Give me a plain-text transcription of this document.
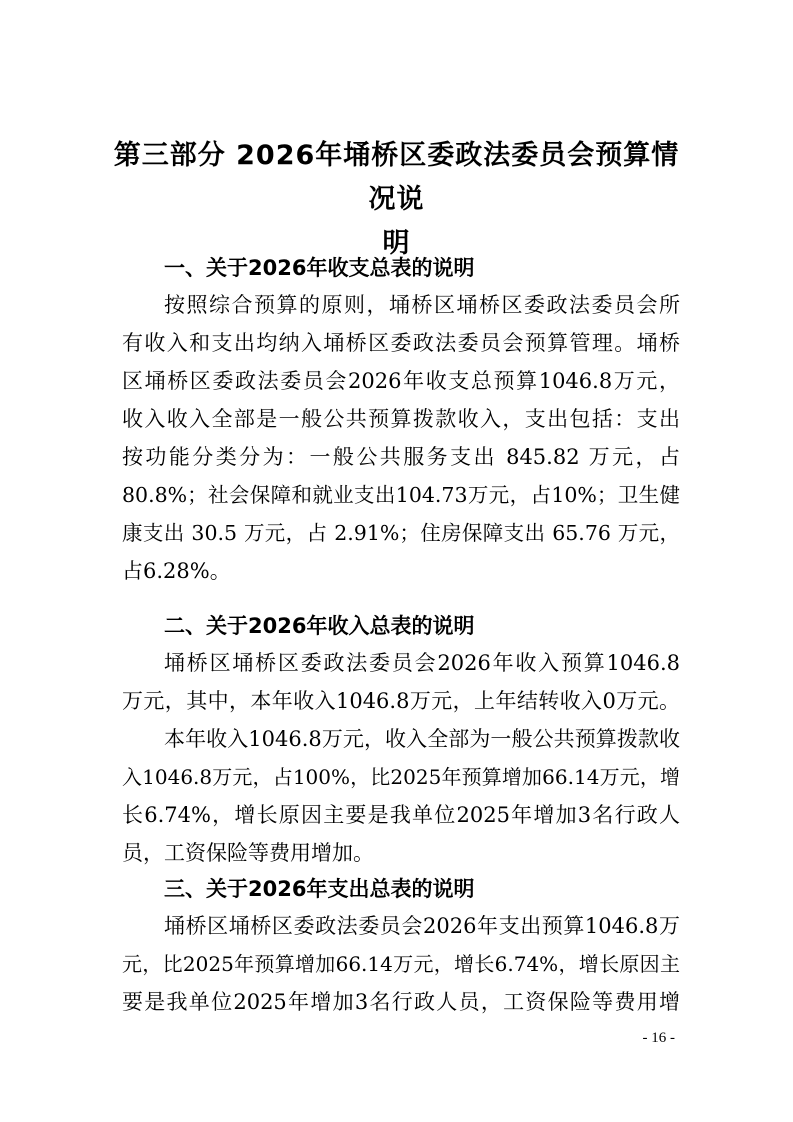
第三部分 2026年埇桥区委政法委员会预算情况说
明
一、关于2026年收支总表的说明
按照综合预算的原则，埇桥区埇桥区委政法委员会所
有收入和支出均纳入埇桥区委政法委员会预算管理。埇桥
区埇桥区委政法委员会2026年收支总预算1046.8万元，
收入收入全部是一般公共预算拨款收入，支出包括：支出
按功能分类分为：一般公共服务支出 845.82 万元，占
80.8%；社会保障和就业支出104.73万元，占10%；卫生健
康支出 30.5 万元，占 2.91%；住房保障支出 65.76 万元，
占6.28%。
二、关于2026年收入总表的说明
埇桥区埇桥区委政法委员会2026年收入预算1046.8
万元，其中，本年收入1046.8万元，上年结转收入0万元。
本年收入1046.8万元，收入全部为一般公共预算拨款收
入1046.8万元，占100%，比2025年预算增加66.14万元，增
长6.74%，增长原因主要是我单位2025年增加3名行政人
员，工资保险等费用增加。
三、关于2026年支出总表的说明
埇桥区埇桥区委政法委员会2026年支出预算1046.8万
元，比2025年预算增加66.14万元，增长6.74%，增长原因主
要是我单位2025年增加3名行政人员，工资保险等费用增
- 16 -
